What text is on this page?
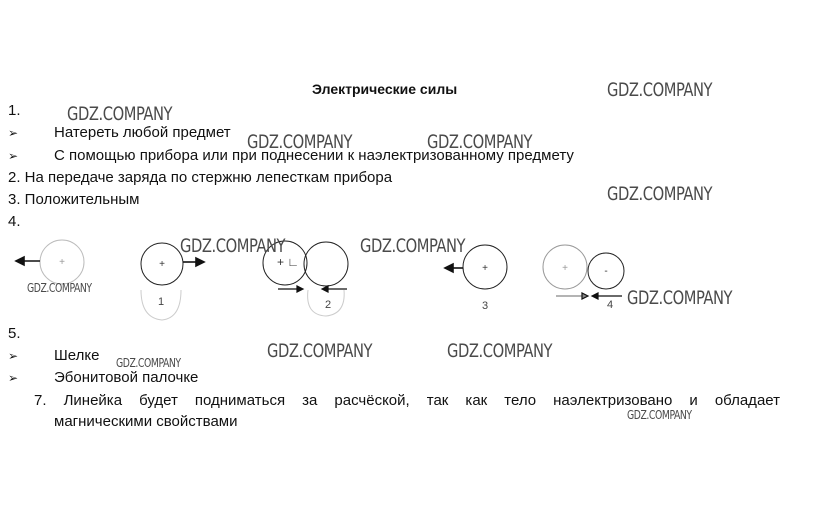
Электрические силы
1.
➢ Натереть любой предмет
➢ С помощью прибора или при поднесении к наэлектризованному предмету
2. На передаче заряда по стержню лепесткам прибора
3. Положительным
4.
+	+	+ ∟	+	+	-
1	2	3	4
5.
➢ Шелке
➢ Эбонитовой палочке
7. Линейка будет подниматься за расчёской, так как тело наэлектризовано и обладает
магническими свойствами
GDZ.COMPANY
GDZ.COMPANY
GDZ.COMPANY	GDZ.COMPANY
GDZ.COMPANY
GDZ.COMPANY	GDZ.COMPANY
GDZ.COMPANY	GDZ.COMPANY
GDZ.COMPANY	GDZ.COMPANY
GDZ.COMPANY
GDZ.COMPANY
